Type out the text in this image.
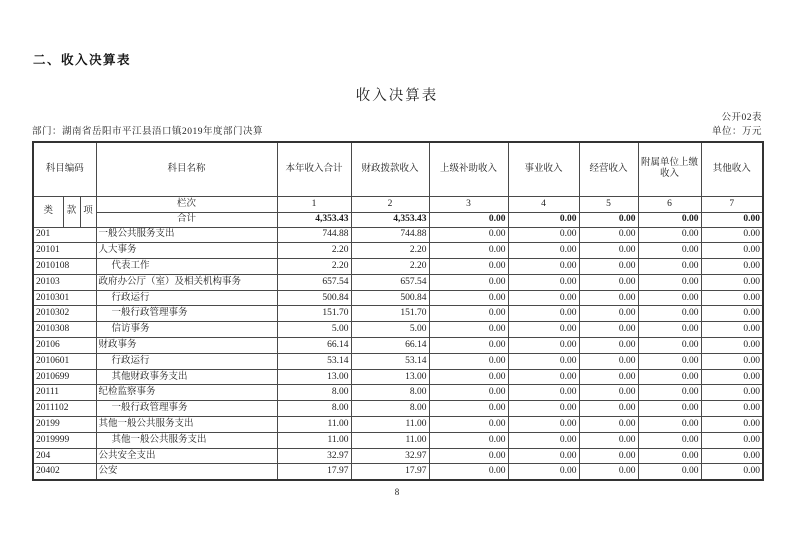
二、收入决算表
收入决算表
公开02表
部门：湖南省岳阳市平江县浯口镇2019年度部门决算	单位：万元
科目编码			科目名称	本年收入合计	财政拨款收入	上级补助收入	事业收入	经营收入	附属单位上缴收入	其他收入
类	款	项	栏次	1	2	3	4	5	6	7
			合计	4,353.43	4,353.43	0.00	0.00	0.00	0.00	0.00
201			一般公共服务支出	744.88	744.88	0.00	0.00	0.00	0.00	0.00
20101			人大事务	2.20	2.20	0.00	0.00	0.00	0.00	0.00
2010108			代表工作	2.20	2.20	0.00	0.00	0.00	0.00	0.00
20103			政府办公厅（室）及相关机构事务	657.54	657.54	0.00	0.00	0.00	0.00	0.00
2010301			行政运行	500.84	500.84	0.00	0.00	0.00	0.00	0.00
2010302			一般行政管理事务	151.70	151.70	0.00	0.00	0.00	0.00	0.00
2010308			信访事务	5.00	5.00	0.00	0.00	0.00	0.00	0.00
20106			财政事务	66.14	66.14	0.00	0.00	0.00	0.00	0.00
2010601			行政运行	53.14	53.14	0.00	0.00	0.00	0.00	0.00
2010699			其他财政事务支出	13.00	13.00	0.00	0.00	0.00	0.00	0.00
20111			纪检监察事务	8.00	8.00	0.00	0.00	0.00	0.00	0.00
2011102			一般行政管理事务	8.00	8.00	0.00	0.00	0.00	0.00	0.00
20199			其他一般公共服务支出	11.00	11.00	0.00	0.00	0.00	0.00	0.00
2019999			其他一般公共服务支出	11.00	11.00	0.00	0.00	0.00	0.00	0.00
204			公共安全支出	32.97	32.97	0.00	0.00	0.00	0.00	0.00
20402			公安	17.97	17.97	0.00	0.00	0.00	0.00	0.00
8
